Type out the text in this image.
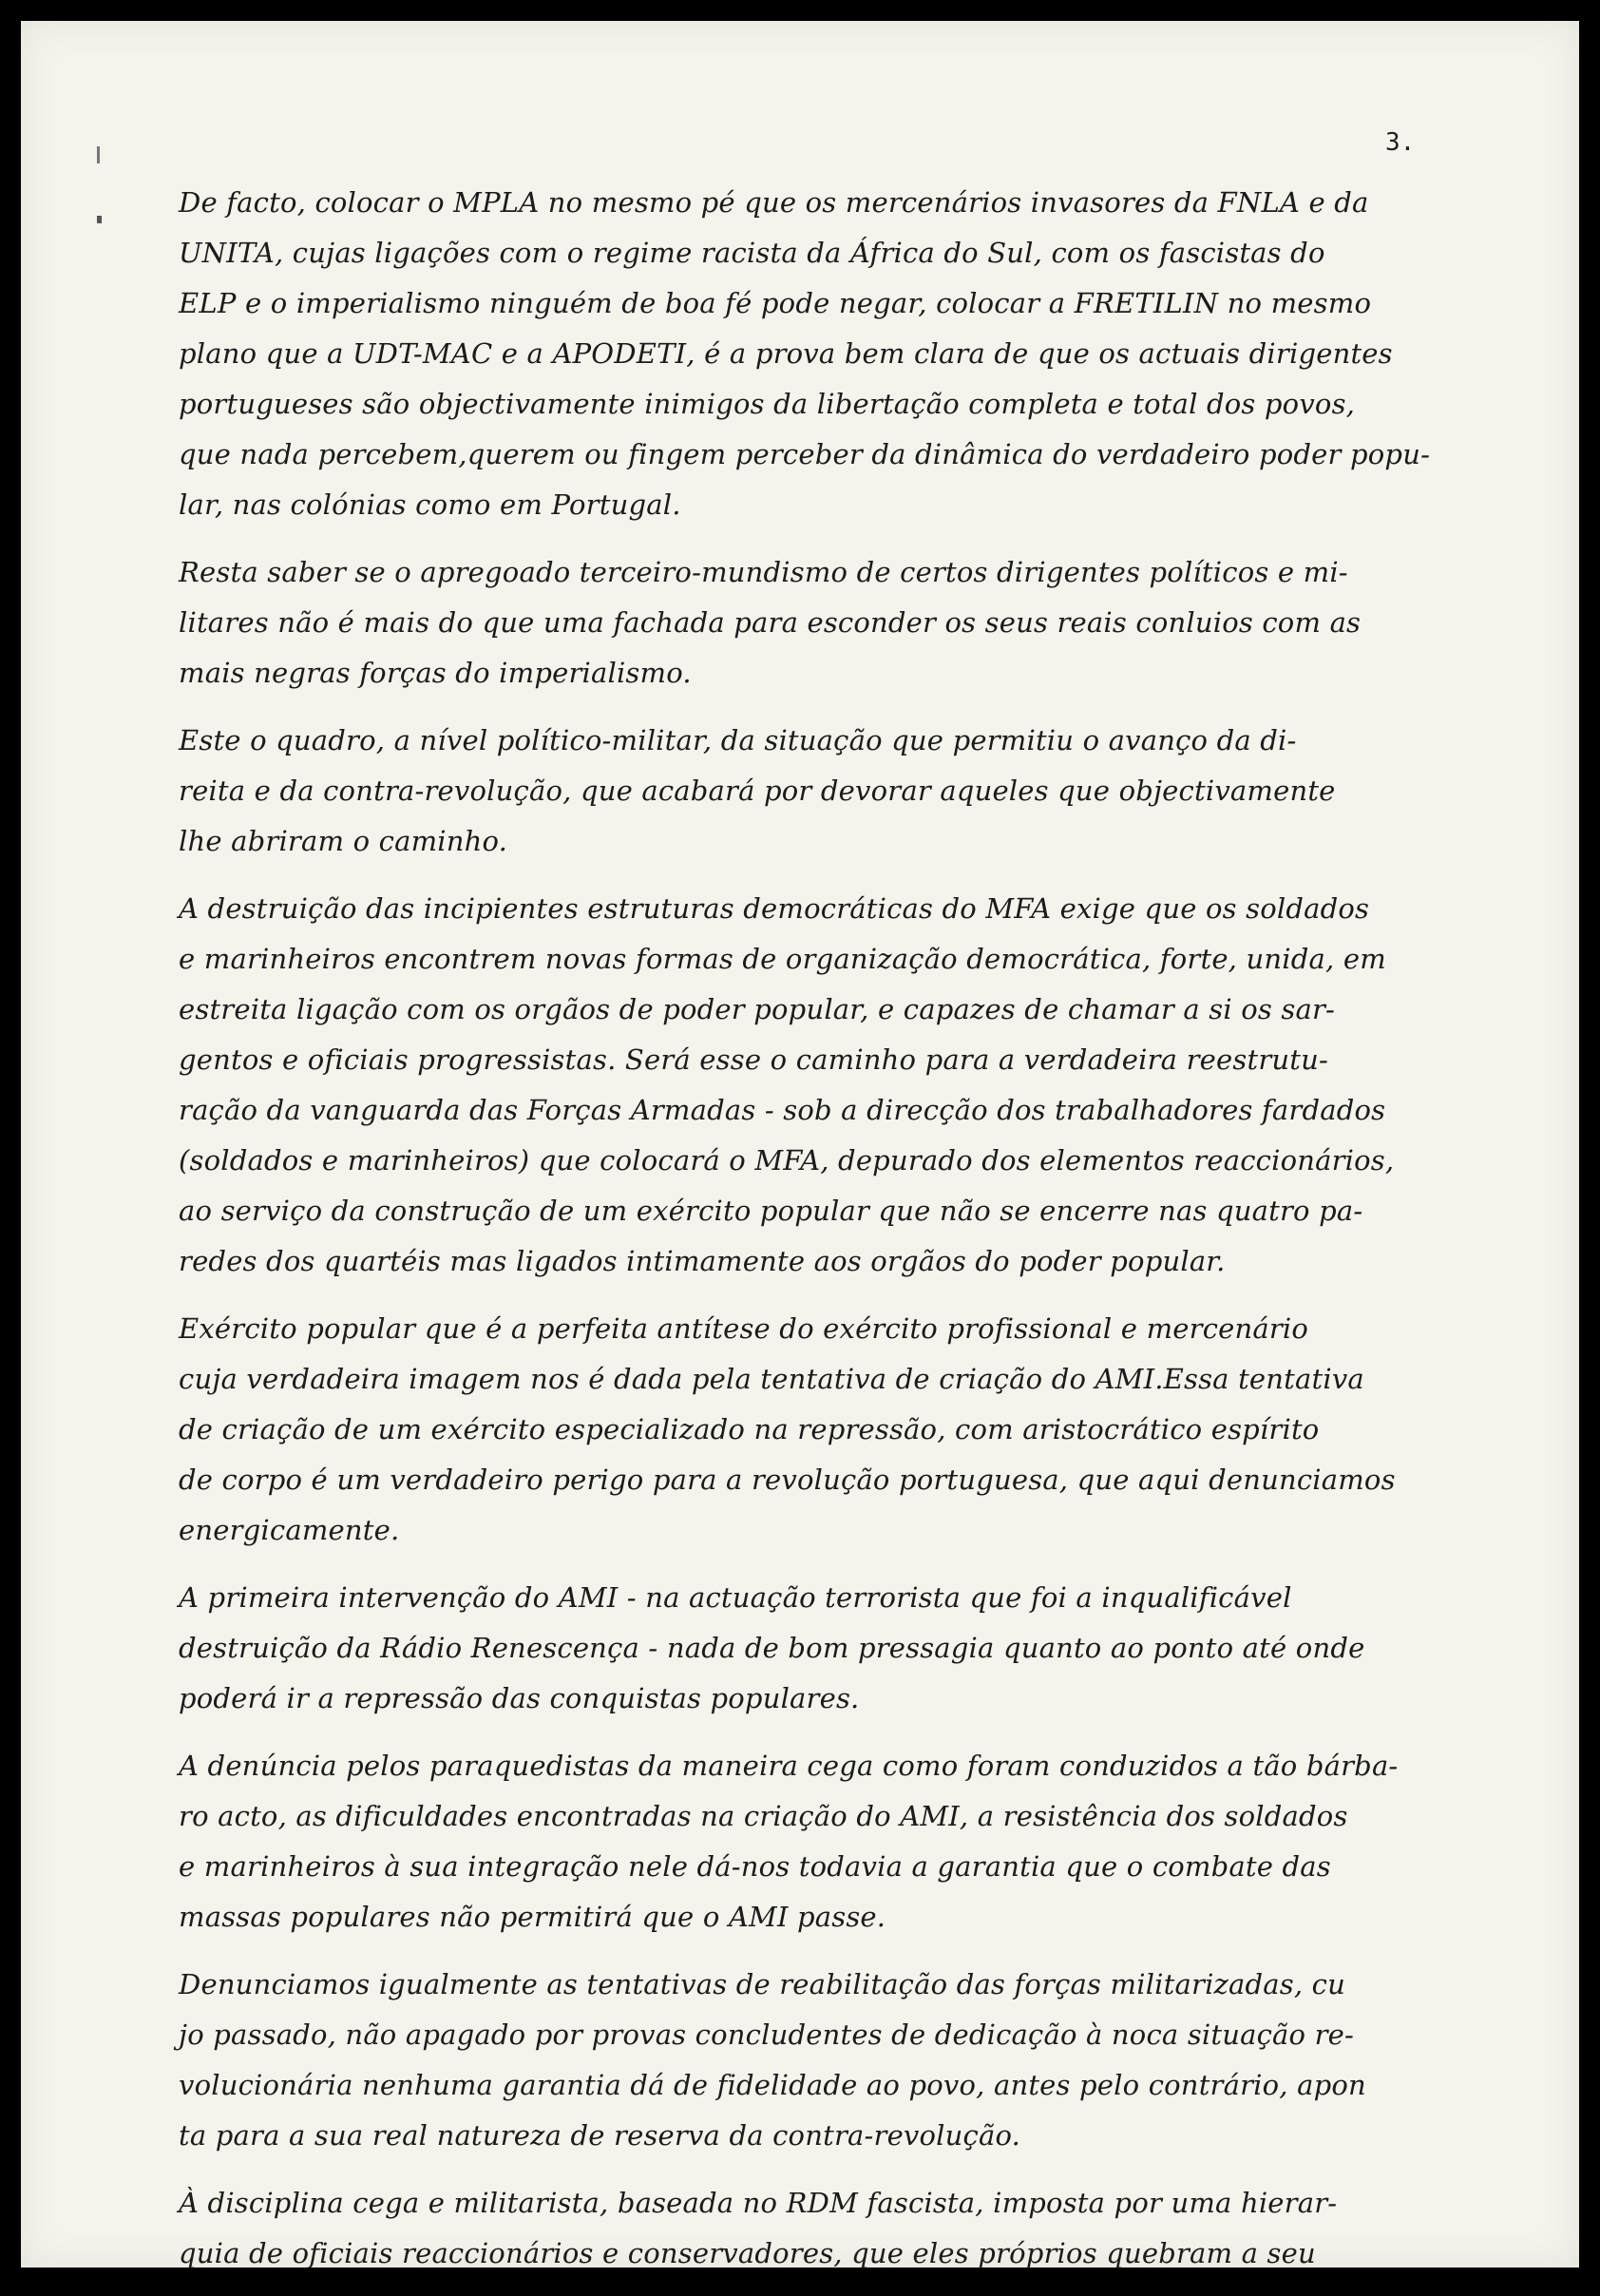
3.
De facto, colocar o MPLA no mesmo pé que os mercenários invasores da FNLA e da
UNITA, cujas ligações com o regime racista da África do Sul, com os fascistas do
ELP e o imperialismo ninguém de boa fé pode negar, colocar a FRETILIN no mesmo
plano que a UDT-MAC e a APODETI, é a prova bem clara de que os actuais dirigentes
portugueses são objectivamente inimigos da libertação completa e total dos povos,
que nada percebem,querem ou fingem perceber da dinâmica do verdadeiro poder popu-
lar, nas colónias como em Portugal.
Resta saber se o apregoado terceiro-mundismo de certos dirigentes políticos e mi-
litares não é mais do que uma fachada para esconder os seus reais conluios com as
mais negras forças do imperialismo.
Este o quadro, a nível político-militar, da situação que permitiu o avanço da di-
reita e da contra-revolução, que acabará por devorar aqueles que objectivamente
lhe abriram o caminho.
A destruição das incipientes estruturas democráticas do MFA exige que os soldados
e marinheiros encontrem novas formas de organização democrática, forte, unida, em
estreita ligação com os orgãos de poder popular, e capazes de chamar a si os sar-
gentos e oficiais progressistas. Será esse o caminho para a verdadeira reestrutu-
ração da vanguarda das Forças Armadas - sob a direcção dos trabalhadores fardados
(soldados e marinheiros) que colocará o MFA, depurado dos elementos reaccionários,
ao serviço da construção de um exército popular que não se encerre nas quatro pa-
redes dos quartéis mas ligados intimamente aos orgãos do poder popular.
Exército popular que é a perfeita antítese do exército profissional e mercenário
cuja verdadeira imagem nos é dada pela tentativa de criação do AMI.Essa tentativa
de criação de um exército especializado na repressão, com aristocrático espírito
de corpo é um verdadeiro perigo para a revolução portuguesa, que aqui denunciamos
energicamente.
A primeira intervenção do AMI - na actuação terrorista que foi a inqualificável
destruição da Rádio Renescença - nada de bom pressagia quanto ao ponto até onde
poderá ir a repressão das conquistas populares.
A denúncia pelos paraquedistas da maneira cega como foram conduzidos a tão bárba-
ro acto, as dificuldades encontradas na criação do AMI, a resistência dos soldados
e marinheiros à sua integração nele dá-nos todavia a garantia que o combate das
massas populares não permitirá que o AMI passe.
Denunciamos igualmente as tentativas de reabilitação das forças militarizadas, cu
jo passado, não apagado por provas concludentes de dedicação à noca situação re-
volucionária nenhuma garantia dá de fidelidade ao povo, antes pelo contrário, apon
ta para a sua real natureza de reserva da contra-revolução.
À disciplina cega e militarista, baseada no RDM fascista, imposta por uma hierar-
quia de oficiais reaccionários e conservadores, que eles próprios quebram a seu
